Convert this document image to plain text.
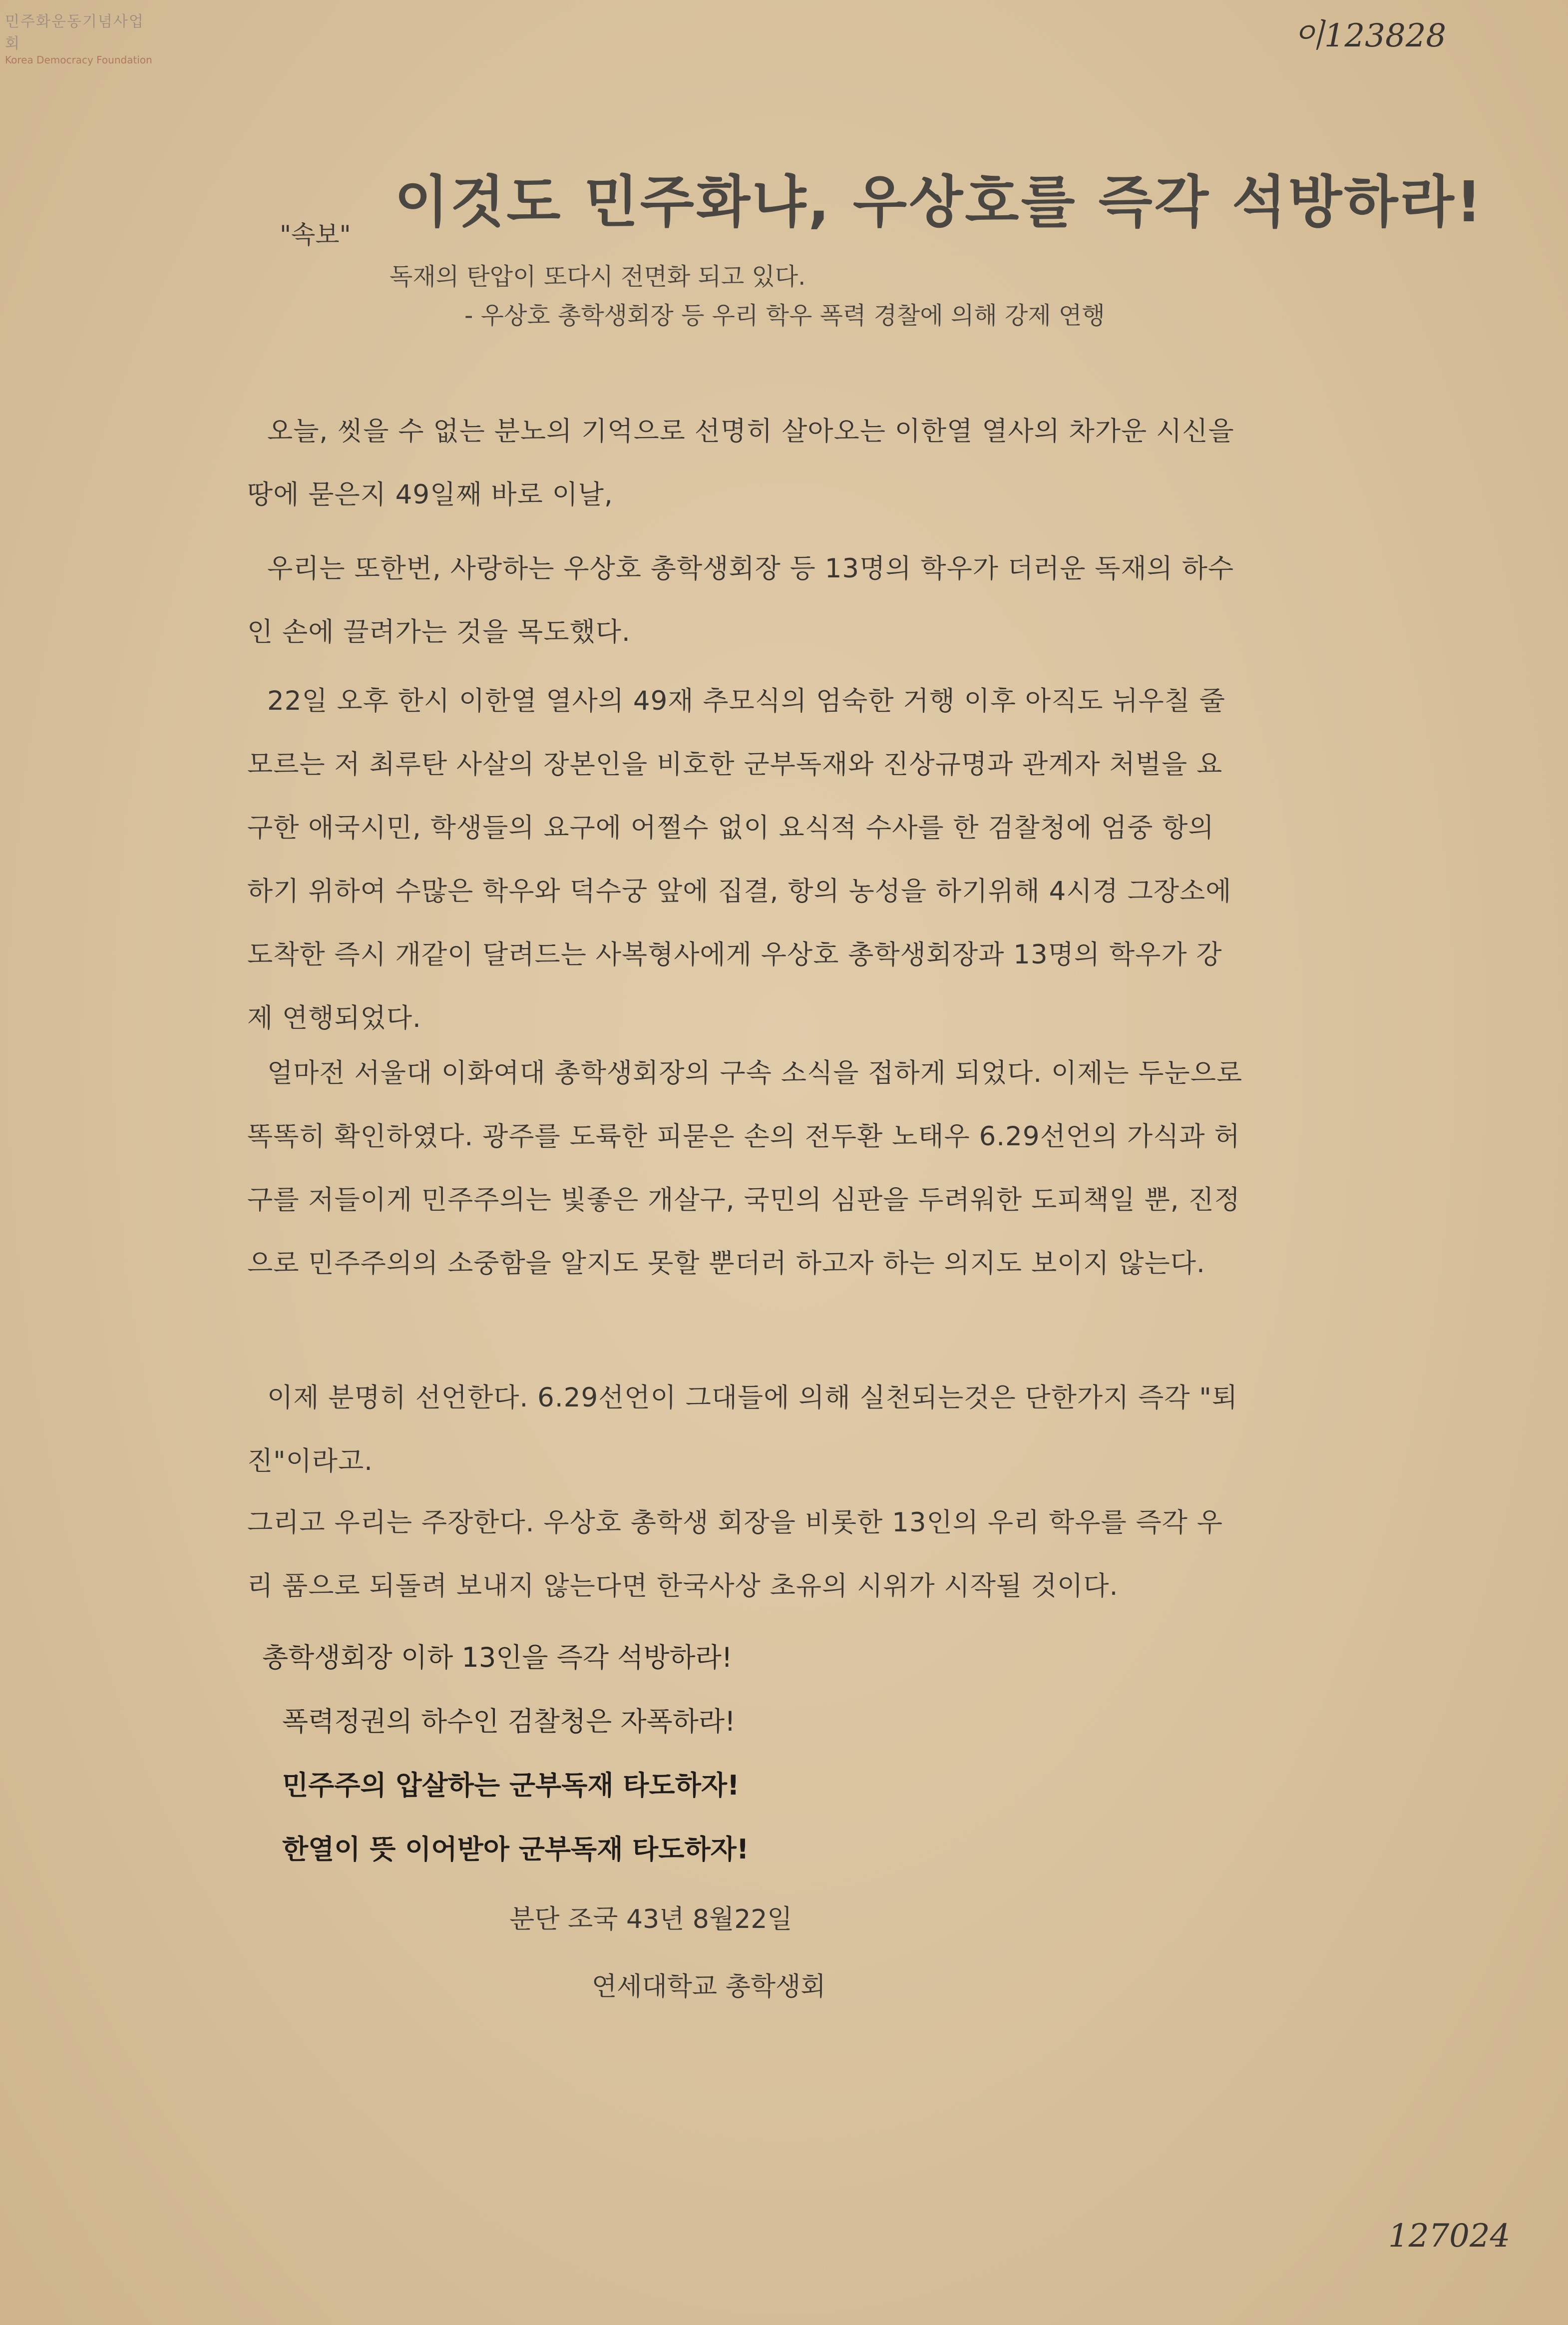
민주화운동기념사업회
Korea Democracy Foundation
이123828
이것도 민주화냐, 우상호를 즉각 석방하라!
"속보"
독재의 탄압이 또다시 전면화 되고 있다.
- 우상호 총학생회장 등 우리 학우 폭력 경찰에 의해 강제 연행
오늘, 씻을 수 없는 분노의 기억으로 선명히 살아오는 이한열 열사의 차가운 시신을 땅에 묻은지 49일째 바로 이날,
우리는 또한번, 사랑하는 우상호 총학생회장 등 13명의 학우가 더러운 독재의 하수인 손에 끌려가는 것을 목도했다.
22일 오후 한시 이한열 열사의 49재 추모식의 엄숙한 거행 이후 아직도 뉘우칠 줄 모르는 저 최루탄 사살의 장본인을 비호한 군부독재와 진상규명과 관계자 처벌을 요구한 애국시민, 학생들의 요구에 어쩔수 없이 요식적 수사를 한 검찰청에 엄중 항의 하기 위하여 수많은 학우와 덕수궁 앞에 집결, 항의 농성을 하기위해 4시경 그장소에 도착한 즉시 개같이 달려드는 사복형사에게 우상호 총학생회장과 13명의 학우가 강제 연행되었다.
얼마전 서울대 이화여대 총학생회장의 구속 소식을 접하게 되었다. 이제는 두눈으로 똑똑히 확인하였다. 광주를 도륙한 피묻은 손의 전두환 노태우 6.29선언의 가식과 허구를 저들이게 민주주의는 빛좋은 개살구, 국민의 심판을 두려워한 도피책일 뿐, 진정으로 민주주의의 소중함을 알지도 못할 뿐더러 하고자 하는 의지도 보이지 않는다.
이제 분명히 선언한다. 6.29선언이 그대들에 의해 실천되는것은 단한가지 즉각 "퇴진"이라고.
그리고 우리는 주장한다. 우상호 총학생 회장을 비롯한 13인의 우리 학우를 즉각 우리 품으로 되돌려 보내지 않는다면 한국사상 초유의 시위가 시작될 것이다.
총학생회장 이하 13인을 즉각 석방하라!
폭력정권의 하수인 검찰청은 자폭하라!
민주주의 압살하는 군부독재 타도하자!
한열이 뜻 이어받아 군부독재 타도하자!
분단 조국 43년 8월22일
연세대학교 총학생회
127024
